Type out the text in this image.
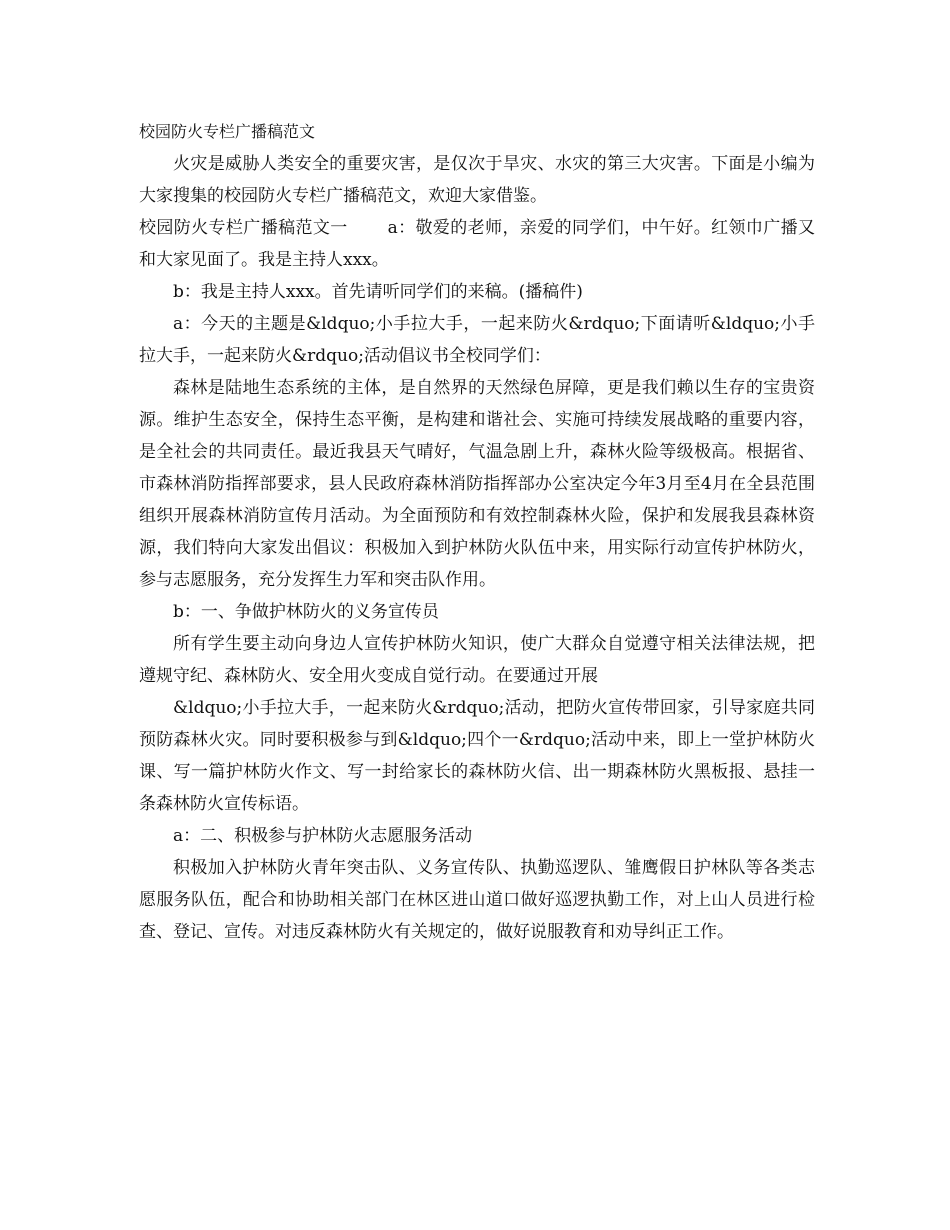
校园防火专栏广播稿范文

火灾是威胁人类安全的重要灾害，是仅次于旱灾、水灾的第三大灾害。下面是小编为大家搜集的校园防火专栏广播稿范文，欢迎大家借鉴。

校园防火专栏广播稿范文一 a：敬爱的老师，亲爱的同学们，中午好。红领巾广播又和大家见面了。我是主持人xxx。

b：我是主持人xxx。首先请听同学们的来稿。(播稿件)

a：今天的主题是&ldquo;小手拉大手，一起来防火&rdquo;下面请听&ldquo;小手拉大手，一起来防火&rdquo;活动倡议书全校同学们：

森林是陆地生态系统的主体，是自然界的天然绿色屏障，更是我们赖以生存的宝贵资源。维护生态安全，保持生态平衡，是构建和谐社会、实施可持续发展战略的重要内容，是全社会的共同责任。最近我县天气晴好，气温急剧上升，森林火险等级极高。根据省、市森林消防指挥部要求，县人民政府森林消防指挥部办公室决定今年3月至4月在全县范围组织开展森林消防宣传月活动。为全面预防和有效控制森林火险，保护和发展我县森林资源，我们特向大家发出倡议：积极加入到护林防火队伍中来，用实际行动宣传护林防火，参与志愿服务，充分发挥生力军和突击队作用。

b：一、争做护林防火的义务宣传员

所有学生要主动向身边人宣传护林防火知识，使广大群众自觉遵守相关法律法规，把遵规守纪、森林防火、安全用火变成自觉行动。在要通过开展

&ldquo;小手拉大手，一起来防火&rdquo;活动，把防火宣传带回家，引导家庭共同预防森林火灾。同时要积极参与到&ldquo;四个一&rdquo;活动中来，即上一堂护林防火课、写一篇护林防火作文、写一封给家长的森林防火信、出一期森林防火黑板报、悬挂一条森林防火宣传标语。

a：二、积极参与护林防火志愿服务活动

积极加入护林防火青年突击队、义务宣传队、执勤巡逻队、雏鹰假日护林队等各类志愿服务队伍，配合和协助相关部门在林区进山道口做好巡逻执勤工作，对上山人员进行检查、登记、宣传。对违反森林防火有关规定的，做好说服教育和劝导纠正工作。
